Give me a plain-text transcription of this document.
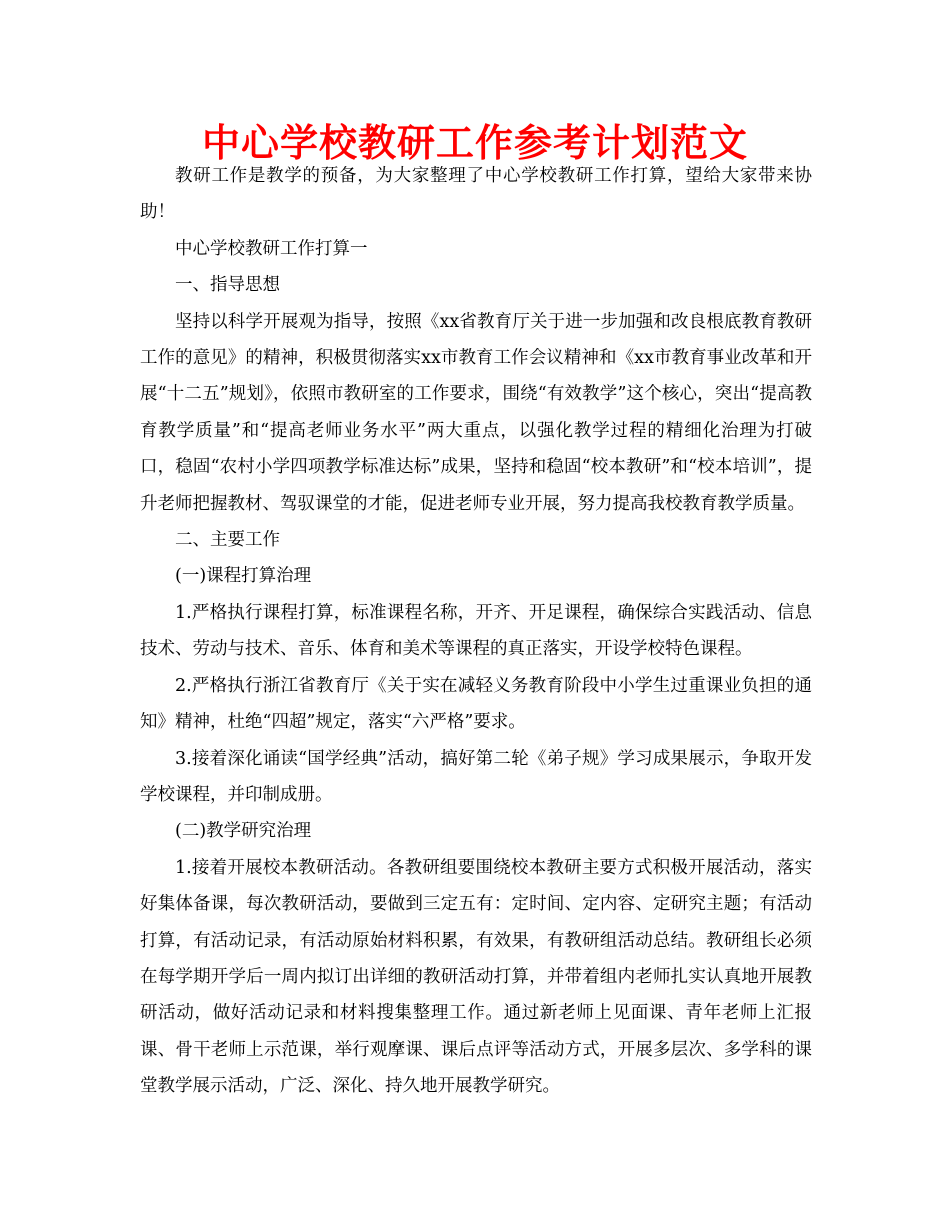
中心学校教研工作参考计划范文

教研工作是教学的预备，为大家整理了中心学校教研工作打算，望给大家带来协助！

中心学校教研工作打算一

一、指导思想

坚持以科学开展观为指导，按照《xx省教育厅关于进一步加强和改良根底教育教研工作的意见》的精神，积极贯彻落实xx市教育工作会议精神和《xx市教育事业改革和开展“十二五”规划》，依照市教研室的工作要求，围绕“有效教学”这个核心，突出“提高教育教学质量”和“提高老师业务水平”两大重点，以强化教学过程的精细化治理为打破口，稳固“农村小学四项教学标准达标”成果，坚持和稳固“校本教研”和“校本培训”，提升老师把握教材、驾驭课堂的才能，促进老师专业开展，努力提高我校教育教学质量。

二、主要工作

(一)课程打算治理

1.严格执行课程打算，标准课程名称，开齐、开足课程，确保综合实践活动、信息技术、劳动与技术、音乐、体育和美术等课程的真正落实，开设学校特色课程。

2.严格执行浙江省教育厅《关于实在减轻义务教育阶段中小学生过重课业负担的通知》精神，杜绝“四超”规定，落实“六严格”要求。

3.接着深化诵读“国学经典”活动，搞好第二轮《弟子规》学习成果展示，争取开发学校课程，并印制成册。

(二)教学研究治理

1.接着开展校本教研活动。各教研组要围绕校本教研主要方式积极开展活动，落实好集体备课，每次教研活动，要做到三定五有：定时间、定内容、定研究主题；有活动打算，有活动记录，有活动原始材料积累，有效果，有教研组活动总结。教研组长必须在每学期开学后一周内拟订出详细的教研活动打算，并带着组内老师扎实认真地开展教研活动，做好活动记录和材料搜集整理工作。通过新老师上见面课、青年老师上汇报课、骨干老师上示范课，举行观摩课、课后点评等活动方式，开展多层次、多学科的课堂教学展示活动，广泛、深化、持久地开展教学研究。
